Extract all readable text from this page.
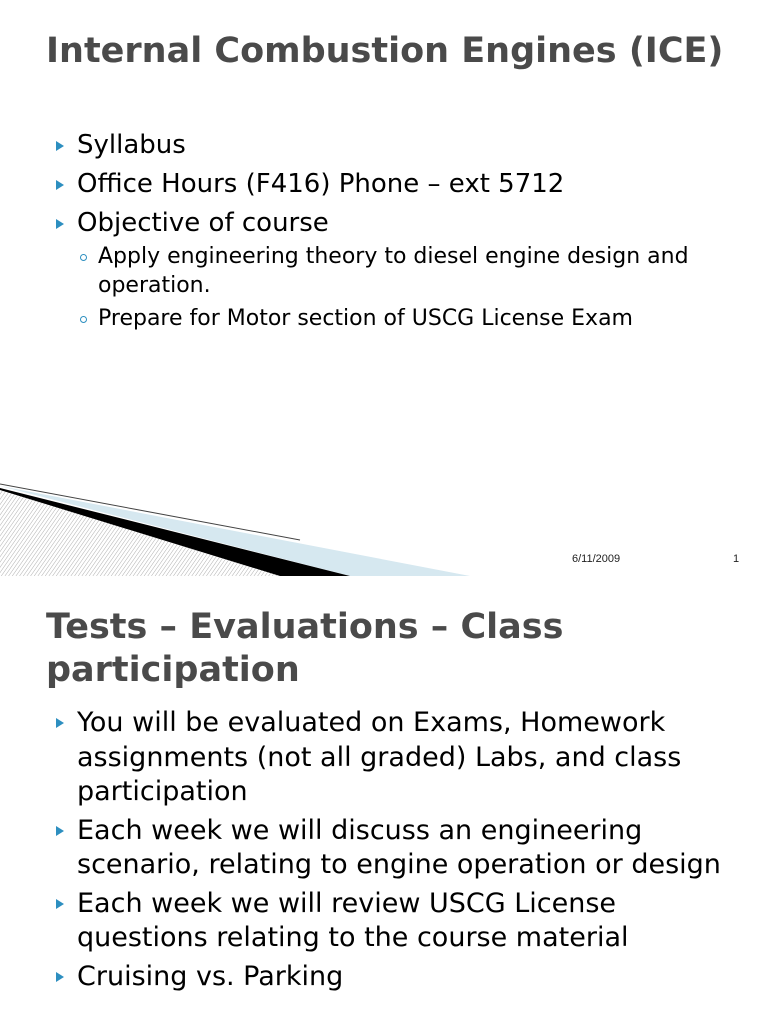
Internal Combustion Engines (ICE)
Syllabus
Office Hours (F416) Phone – ext 5712
Objective of course
Apply engineering theory to diesel engine design and operation.
Prepare for Motor section of USCG License Exam
6/11/2009	1
Tests – Evaluations – Class participation
You will be evaluated on Exams, Homework assignments (not all graded) Labs, and class participation
Each week we will discuss an engineering scenario, relating to engine operation or design
Each week we will review USCG License questions relating to the course material
Cruising vs. Parking
